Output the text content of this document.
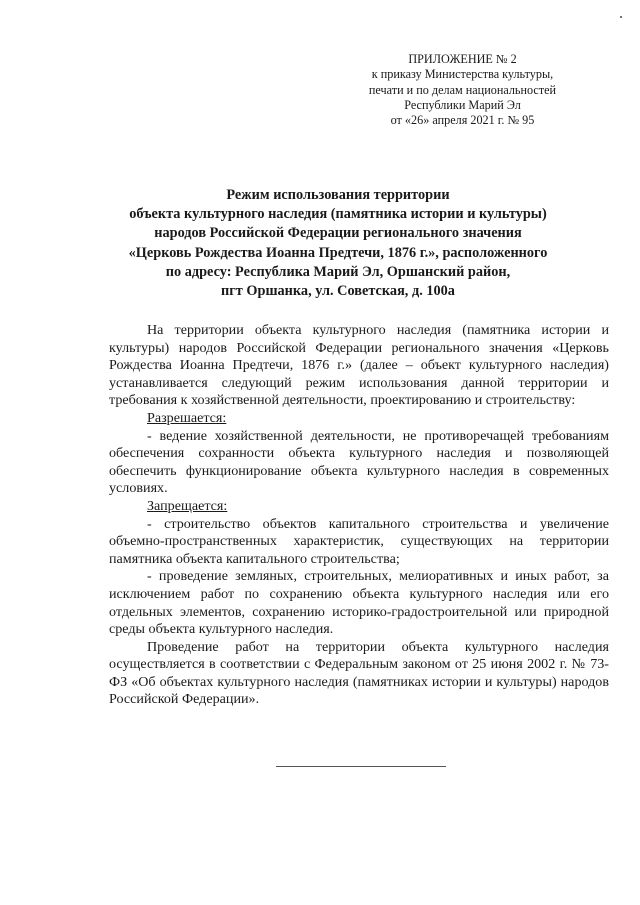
ПРИЛОЖЕНИЕ № 2
к приказу Министерства культуры,
печати и по делам национальностей
Республики Марий Эл
от «26» апреля 2021 г. № 95
Режим использования территории
объекта культурного наследия (памятника истории и культуры)
народов Российской Федерации регионального значения
«Церковь Рождества Иоанна Предтечи, 1876 г.», расположенного
по адресу: Республика Марий Эл, Оршанский район,
пгт Оршанка, ул. Советская, д. 100а

На территории объекта культурного наследия (памятника истории и культуры) народов Российской Федерации регионального значения «Церковь Рождества Иоанна Предтечи, 1876 г.» (далее – объект культурного наследия) устанавливается следующий режим использования данной территории и требования к хозяйственной деятельности, проектированию и строительству:

Разрешается:

- ведение хозяйственной деятельности, не противоречащей требованиям обеспечения сохранности объекта культурного наследия и позволяющей обеспечить функционирование объекта культурного наследия в современных условиях.

Запрещается:

- строительство объектов капитального строительства и увеличение объемно-пространственных характеристик, существующих на территории памятника объекта капитального строительства;

- проведение земляных, строительных, мелиоративных и иных работ, за исключением работ по сохранению объекта культурного наследия или его отдельных элементов, сохранению историко-градостроительной или природной среды объекта культурного наследия.

Проведение работ на территории объекта культурного наследия осуществляется в соответствии с Федеральным законом от 25 июня 2002 г. № 73-ФЗ «Об объектах культурного наследия (памятниках истории и культуры) народов Российской Федерации».
